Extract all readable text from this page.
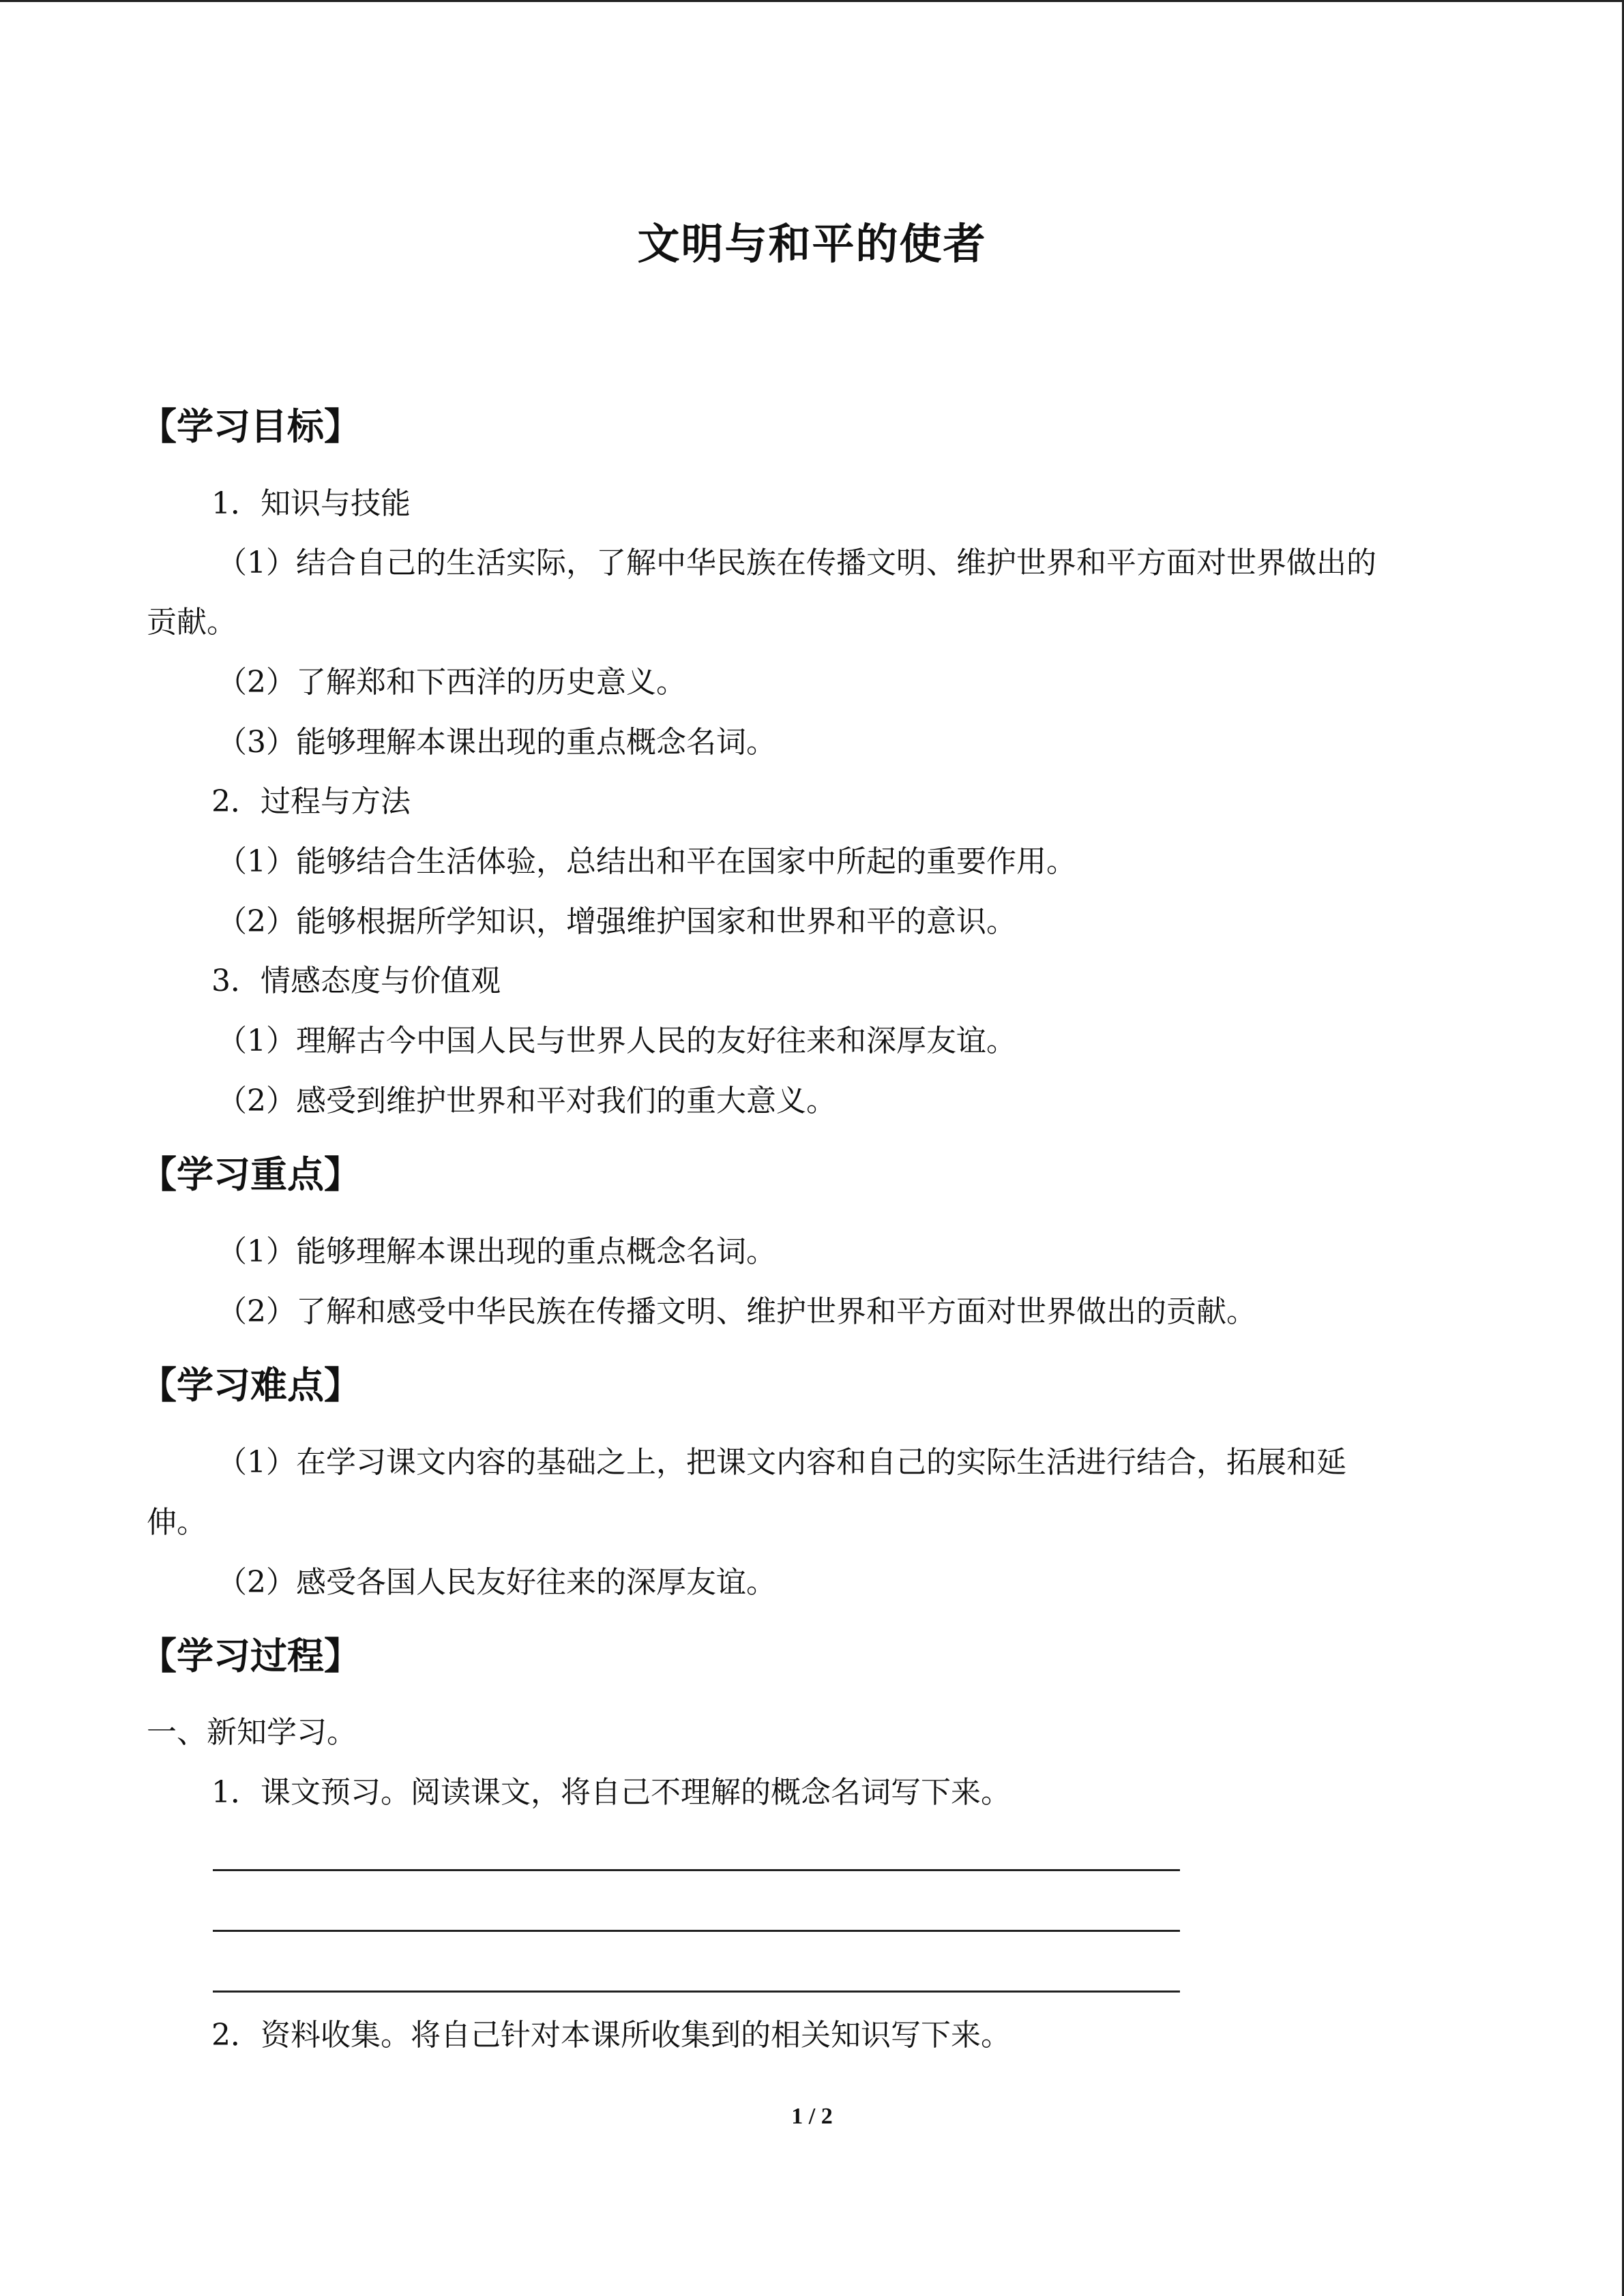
文明与和平的使者
【学习目标】
1．知识与技能
（1）结合自己的生活实际，了解中华民族在传播文明、维护世界和平方面对世界做出的
贡献。
（2）了解郑和下西洋的历史意义。
（3）能够理解本课出现的重点概念名词。
2．过程与方法
（1）能够结合生活体验，总结出和平在国家中所起的重要作用。
（2）能够根据所学知识，增强维护国家和世界和平的意识。
3．情感态度与价值观
（1）理解古今中国人民与世界人民的友好往来和深厚友谊。
（2）感受到维护世界和平对我们的重大意义。
【学习重点】
（1）能够理解本课出现的重点概念名词。
（2）了解和感受中华民族在传播文明、维护世界和平方面对世界做出的贡献。
【学习难点】
（1）在学习课文内容的基础之上，把课文内容和自己的实际生活进行结合，拓展和延
伸。
（2）感受各国人民友好往来的深厚友谊。
【学习过程】
一、新知学习。
1．课文预习。阅读课文，将自己不理解的概念名词写下来。
2．资料收集。将自己针对本课所收集到的相关知识写下来。
1 / 2
